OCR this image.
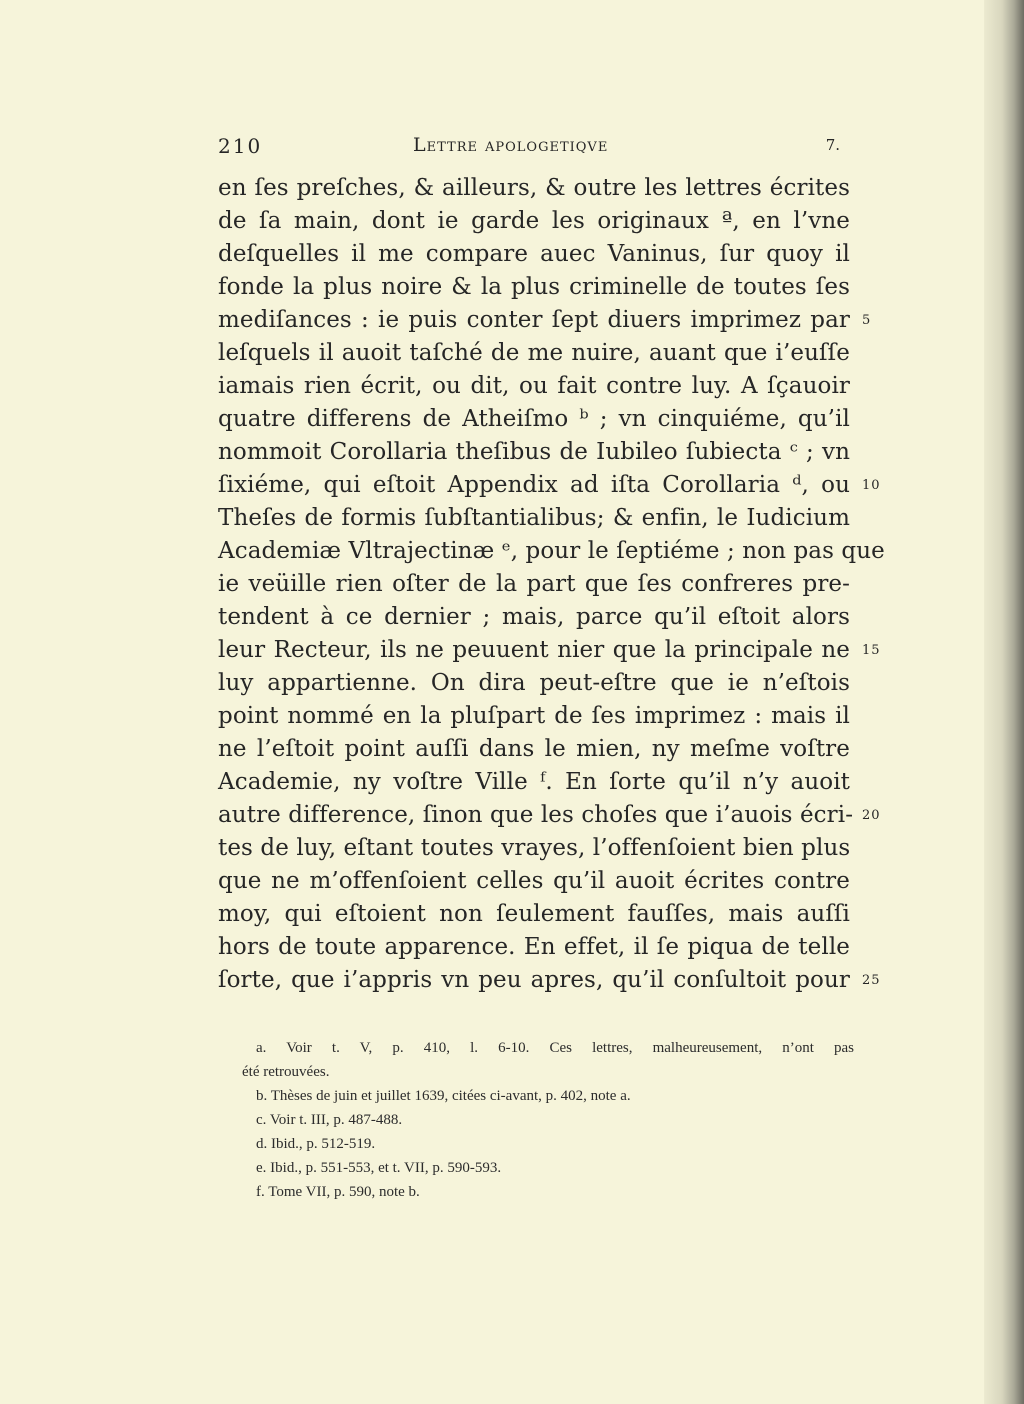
210	Lettre apologetiqve	7.
en ſes preſches, & ailleurs, & outre les lettres écrites
de ſa main, dont ie garde les originaux ª, en l’vne
deſquelles il me compare auec Vaninus, ſur quoy il
fonde la plus noire & la plus criminelle de toutes ſes
mediſances : ie puis conter ſept diuers imprimez par
leſquels il auoit taſché de me nuire, auant que i’euſſe
iamais rien écrit, ou dit, ou fait contre luy. A ſçauoir
quatre differens de Atheiſmo ᵇ ; vn cinquiéme, qu’il
nommoit Corollaria theſibus de Iubileo ſubiecta ᶜ ; vn
ſixiéme, qui eſtoit Appendix ad iſta Corollaria ᵈ, ou
Theſes de formis ſubſtantialibus; & enfin, le Iudicium
Academiæ Vltrajectinæ ᵉ, pour le ſeptiéme ; non pas que
ie veüille rien oſter de la part que ſes confreres pre-
tendent à ce dernier ; mais, parce qu’il eſtoit alors
leur Recteur, ils ne peuuent nier que la principale ne
luy appartienne. On dira peut-eſtre que ie n’eſtois
point nommé en la pluſpart de ſes imprimez : mais il
ne l’eſtoit point auſſi dans le mien, ny meſme voſtre
Academie, ny voſtre Ville ᶠ. En ſorte qu’il n’y auoit
autre difference, ſinon que les choſes que i’auois écri-
tes de luy, eſtant toutes vrayes, l’offenſoient bien plus
que ne m’offenſoient celles qu’il auoit écrites contre
moy, qui eſtoient non ſeulement fauſſes, mais auſſi
hors de toute apparence. En effet, il ſe piqua de telle
ſorte, que i’appris vn peu apres, qu’il conſultoit pour
5
10
15
20
25
a. Voir t. V, p. 410, l. 6-10. Ces lettres, malheureusement, n’ont pas
été retrouvées.
b. Thèses de juin et juillet 1639, citées ci-avant, p. 402, note a.
c. Voir t. III, p. 487-488.
d. Ibid., p. 512-519.
e. Ibid., p. 551-553, et t. VII, p. 590-593.
f. Tome VII, p. 590, note b.
